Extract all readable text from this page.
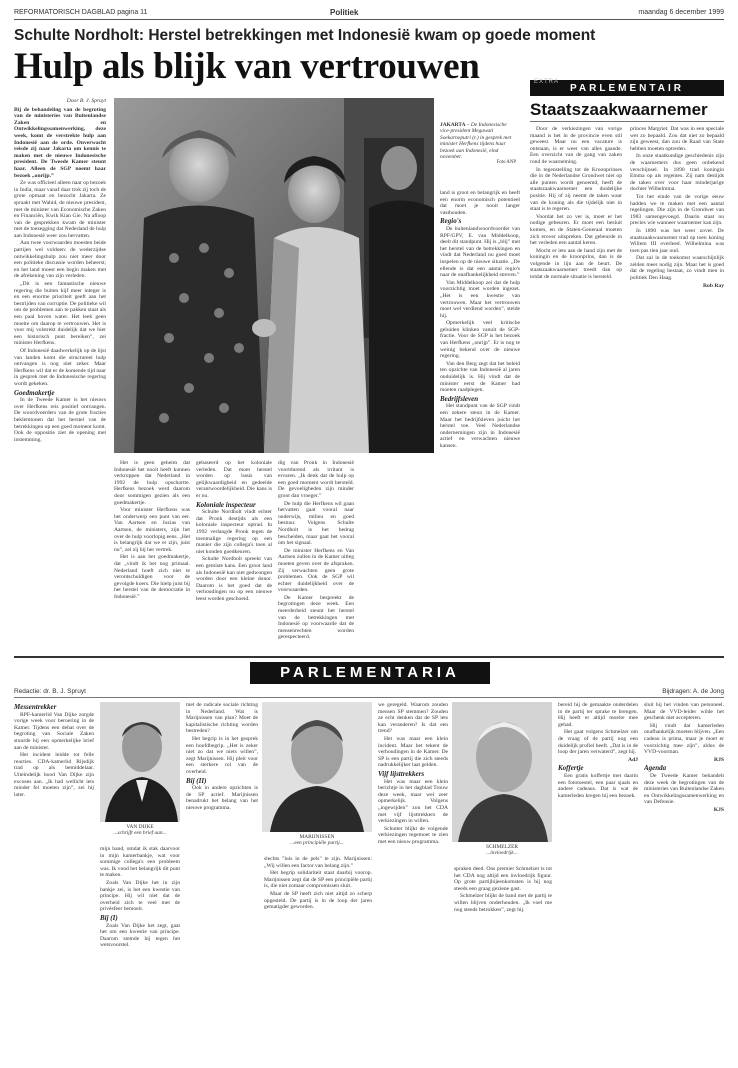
REFORMATORISCH DAGBLAD pagina 11	Politiek	maandag 6 december 1999
Schulte Nordholt: Herstel betrekkingen met Indonesië kwam op goede moment
Hulp als blijk van vertrouwen
Door B. J. Spruyt

Bij de behandeling van de begroting van de ministeries van Buitenlandse Zaken en Ontwikkelingssamenwerking, deze week, komt de verstrekte hulp aan Indonesië aan de orde. Onverwacht reisde zij naar Jakarta om kennis te maken met de nieuwe Indonesische president. De Tweede Kamer steunt haar. Alleen de SGP noemt haar bezoek „onrijp.”

Ze was officieel alleen naar op bezoek in India, maar vanaf daar trok zij toch de grote opmaat en bezocht Jakarta. Ze spraakt met Wahid, de nieuwe president, met de minister van Economische Zaken en Financiën, Kwik Kian Gie. Na afloop van de gesprekken kwam de minister met de toezegging dat Nederland de hulp aan Indonesië weer zou hervatten.

Aan twee voorwaarden moesten beide partijen wel voldoen: de wederzijdse ontwikkelingshulp zou niet meer door een politieke discussie worden beheerst; en het land moest een begin maken met de afrekening van zijn verleden.

„Dit is een fantastische nieuwe regering die buiten kijf meer integer is en een enorme prioriteit geeft aan het bestrijden van corruptie. De politieke wil om de problemen aan te pakken staat als een paal boven water. Het leek geen moeite om daarop te vertrouwen. Het is voor mij volstrekt duidelijk dat we hier een historisch punt bereiken”, zei minister Herfkens.

Of Indonesië daadwerkelijk op de lijst van landen komt die structureel hulp ontvangen is nog niet zeker. Maar Herfkens wil dat er de komende tijd naar in gesprek met de Indonesische regering wordt gekeken.

Goedmakertje

In de Tweede Kamer is het nieuws over Herfkens reis positief ontvangen. De woordvoerders van de grote fracties beklemtonen dat het herstel van de betrekkingen op een goed moment komt. Ook de oppositie ziet de opening met instemming.

JAKARTA – De Indonesische vice-president Megawati Soekarnoputri (r.) in gesprek met minister Herfkens tijdens haar bezoek aan Indonesië, eind november.
Foto ANP

Het is geen geheim dat Indonesië het nooit heeft kunnen verkroppen dat Nederland in 1992 de hulp opschortte. Herfkens bezoek werd daarom door sommigen gezien als een goedmakertje.

Voor minister Herfkens was het onderwerp een punt van eer. Van Aartsen en Jozias van Aartsen, de ministers, zijn het over de hulp voorlopig eens. „Het is belangrijk dat we er zijn, juist nu”, zei zij bij het vertrek.

Het is aan het goedmakertje, dat „vindt ik het nog primaal. Nederland hoeft zich niet te verontschuldigen voor de gevolgde koers. Die hielp juist bij het herstel van de democratie in Indonesië.”

gebaseerd op het koloniale verleden. Dat moet herstel worden op basis van gelijkwaardigheid en gedeelde verantwoordelijkheid. Die kans is er nu.

Koloniale inspecteur

Schulte Nordholt vindt echter dat Pronk destijds als een koloniale inspecteur optrad. In 1992 verlangde Pronk tegen de toenmalige regering op een manier die zijn collega's toen al niet konden goedkeuren.

Schulte Nordholt spreekt van een gemiste kans. Een groot land als Indonesië kan niet gedwongen worden door een kleine donor. Daarom is het goed dat de verhoudingen nu op een nieuwe leest worden geschoeid.

dig van Pronk in Indonesië voortdurend als irritant is ervaren. „Ik denk dat de hulp op een goed moment wordt hersteld. De gevoeligheden zijn minder groot dan vroeger.”

De hulp die Herfkens wil gaan hervatten gaat vooral naar onderwijs, milieu en goed bestuur. Volgens Schulte Nordholt is het bedrag bescheiden, maar gaat het vooral om het signaal.

De minister Herfkens en Van Aartsen zullen in de Kamer uitleg moeten geven over de afspraken. Zij verwachten geen grote problemen. Ook de SGP wil echter duidelijkheid over de voorwaarden.

De Kamer bespreekt de begrotingen deze week. Een meerderheid steunt het herstel van de betrekkingen met Indonesië op voorwaarde dat de mensenrechten worden gerespecteerd.

land is groot en belangrijk en heeft een enorm economisch potentieel dat moet je nooit langer vasthouden.

Regio's

De buitenlandwoordvoerder van RPF/GPV, E. van Middelkoop, deelt dit standpunt. Hij is „blij” met het herstel van de betrekkingen en vindt dat Nederland nu goed moet inspelen op de nieuwe situatie. „De ellende is dat een aantal regio's naar de onafhankelijkheid streven.”

Van Middelkoop zei dat de hulp voorzichtig moet worden ingezet. „Het is een kwestie van vertrouwen. Maar het vertrouwen moet wel verdiend worden”, stelde hij.

Opmerkelijk veel kritische geluiden klinken vanuit de SGP-fractie. Voor de SGP is het bezoek van Herfkens „onrijp”. Er is nog te weinig bekend over de nieuwe regering.

Van den Berg zegt dat het beleid ten opzichte van Indonesië al jaren onduidelijk is. Hij vindt dat de minister eerst de Kamer had moeten raadplegen.

Bedrijfsleven

Het standpunt van de SGP vindt een zekere steun in de Kamer. Maar het bedrijfsleven juicht het herstel toe. Veel Nederlandse ondernemingen zijn in Indonesië actief en verwachten nieuwe kansen.

EXTRA
PARLEMENTAIR
Staatszaakwaarnemer

Door de verkiezingen van vorige maand is het in de provincie even stil geweest. Maar nu een vacature is ontstaan, is er weer van alles gaande. Een overzicht van de gang van zaken rond de waarneming.

In tegenstelling tot de Kroonprinses die in de Nederlandse Grondwet niet op alle punten wordt genoemd, heeft de staatszaakwaarnemer een duidelijke positie. Hij of zij neemt de taken waar van de koning als die tijdelijk niet in staat is te regeren.

Voordat het zo ver is, moet er het nodige gebeuren. Er moet een besluit komen, en de Staten-Generaal moeten zich erover uitspreken. Dat gebeurde in het verleden een aantal keren.

Mocht er iets aan de hand zijn met de koningin en de kroonprins, dan is de volgende in lijn aan de beurt. De staatszaakwaarnemer treedt dan op totdat de normale situatie is hersteld.

princes Margriet. Dat was in een speciale wet zo bepaald. Zou dat niet zo bepaald zijn geweest, dan zou de Raad van State hebben moeten optreden.

In onze staatkundige geschiedenis zijn de waarnemers dus geen onbekend verschijnsel. In 1890 trad koningin Emma op als regentes. Zij nam destijds de taken over voor haar minderjarige dochter Wilhelmina.

Tot het einde van de vorige eeuw hadden we te maken met een aantal regelingen. Die zijn in de Grondwet van 1983 samengevoegd. Daarin staat nu precies wie wanneer waarnemer kan zijn.

In 1890 was het weer zover. De staatszaakwaarnemer trad op toen koning Willem III overleed. Wilhelmina was toen pas tien jaar oud.

Dat zal in de toekomst waarschijnlijk zelden meer nodig zijn. Maar het is goed dat de regeling bestaat, zo vindt men in politiek Den Haag.

Rob Ray
PARLEMENTARIA
Redactie: dr. B. J. Spruyt	Bijdragen: A. de Jong
VAN DIJKE
...schrijft een brief aan...
MARIJNISSEN
...een principiële partij...
SCHMELZER
...invloedrijk...
Messentrekker

RPF-kamerlid Van Dijke zorgde vorige week voor beroering in de Kamer. Tijdens een debat over de begroting van Sociale Zaken stuurde hij een opmerkelijke brief aan de minister.

Het incident leidde tot felle reacties. CDA-kamerlid Rijsdijk trad op als bemiddelaar. Uiteindelijk bood Van Dijke zijn excuses aan. „Ik had wellicht iets minder fel moeten zijn”, zei hij later.

mijn hand, omdat ik stak daarvoor in mijn kamerbankje, wat voor sommige collega's een probleem was. Ik vond het belangrijk dit punt te maken.

Zoals Van Dijke het in zijn bankje zei, is het een kwestie van principe. Hij wil niet dat de overheid zich te veel met de privésfeer bemoeit.

Bij (I)

Zoals Van Dijke het zegt, gaat het om een kwestie van principe. Daarom stemde hij tegen het wetsvoorstel.

met de radicale sociale richting in Nederland. Wat is Marijnissen van plan? Moet de kapitalistische richting worden bestreden?

Het begrip is in het gesprek een hoofdbegrip. „Het is zeker niet zo dat we niets willen”, zegt Marijnissen. Hij pleit voor een sterkere rol van de overheid.

Bij (II)

Ook in andere opzichten is de SP actief. Marijnissen benadrukt het belang van het nieuwe programma.

slechts "luis in de pels" te zijn. Marijnissen: „Wij willen een factor van belang zijn.”

Het begrip solidariteit staat daarbij voorop. Marijnissen zegt dat de SP een principiële partij is, die niet zomaar compromissen sluit.

Maar de SP heeft zich niet altijd zo scherp opgesteld. De partij is in de loop der jaren gematigder geworden.

we geregeld. Waarom zouden mensen SP stemmen? Zouden ze echt denken dat de SP iets kan veranderen? Is dat een trend?

Het was maar een klein incident. Maar het tekent de verhoudingen in de Kamer. De SP is een partij die zich steeds nadrukkelijker laat gelden.

Vijf lijsttrekkers

Het was maar een klein berichtje in het dagblad Trouw deze week, maar wel zeer opmerkelijk. Volgens „ingewijden” zou het CDA met vijf lijsttrekkers de verkiezingen in willen.

Schutter blijkt de volgende verkiezingen tegemoet te zien met een nieuw programma.

spraken deed. Ons premier Schmelzer is tot het CDA nog altijd een invloedrijk figuur. Op grote partijbijeenkomsten is hij nog steeds een graag geziene gast.

Schmelzer blijkt de band met de partij te willen blijven onderhouden. „Ik voel me nog steeds betrokken”, zegt hij.

bereid hij de gemaakte onderdelen in de partij ter sprake te brengen. Hij heeft er altijd moeite mee gehad.

Het gaat volgens Schmelzer om de vraag of de partij nog een duidelijk profiel heeft. „Dat is in de loop der jaren verwaterd”, zegt hij.

AdJ
Koffertje

Een gratis koffertje met daarin een fototoestel, een paar sjaals en andere cadeaus. Dat is wat de kamerleden kregen bij een bezoek.

sluit hij het vinden van personeel. Maar de VVD-leider wilde het geschenk niet accepteren.

Hij vindt dat kamerleden onafhankelijk moeten blijven. „Een cadeau is prima, maar je moet er voorzichtig mee zijn”, aldus de VVD-voorman.

RJS
Agenda

De Tweede Kamer behandelt deze week de begrotingen van de ministeries van Buitenlandse Zaken en Ontwikkelingssamenwerking en van Defensie.

KJS
